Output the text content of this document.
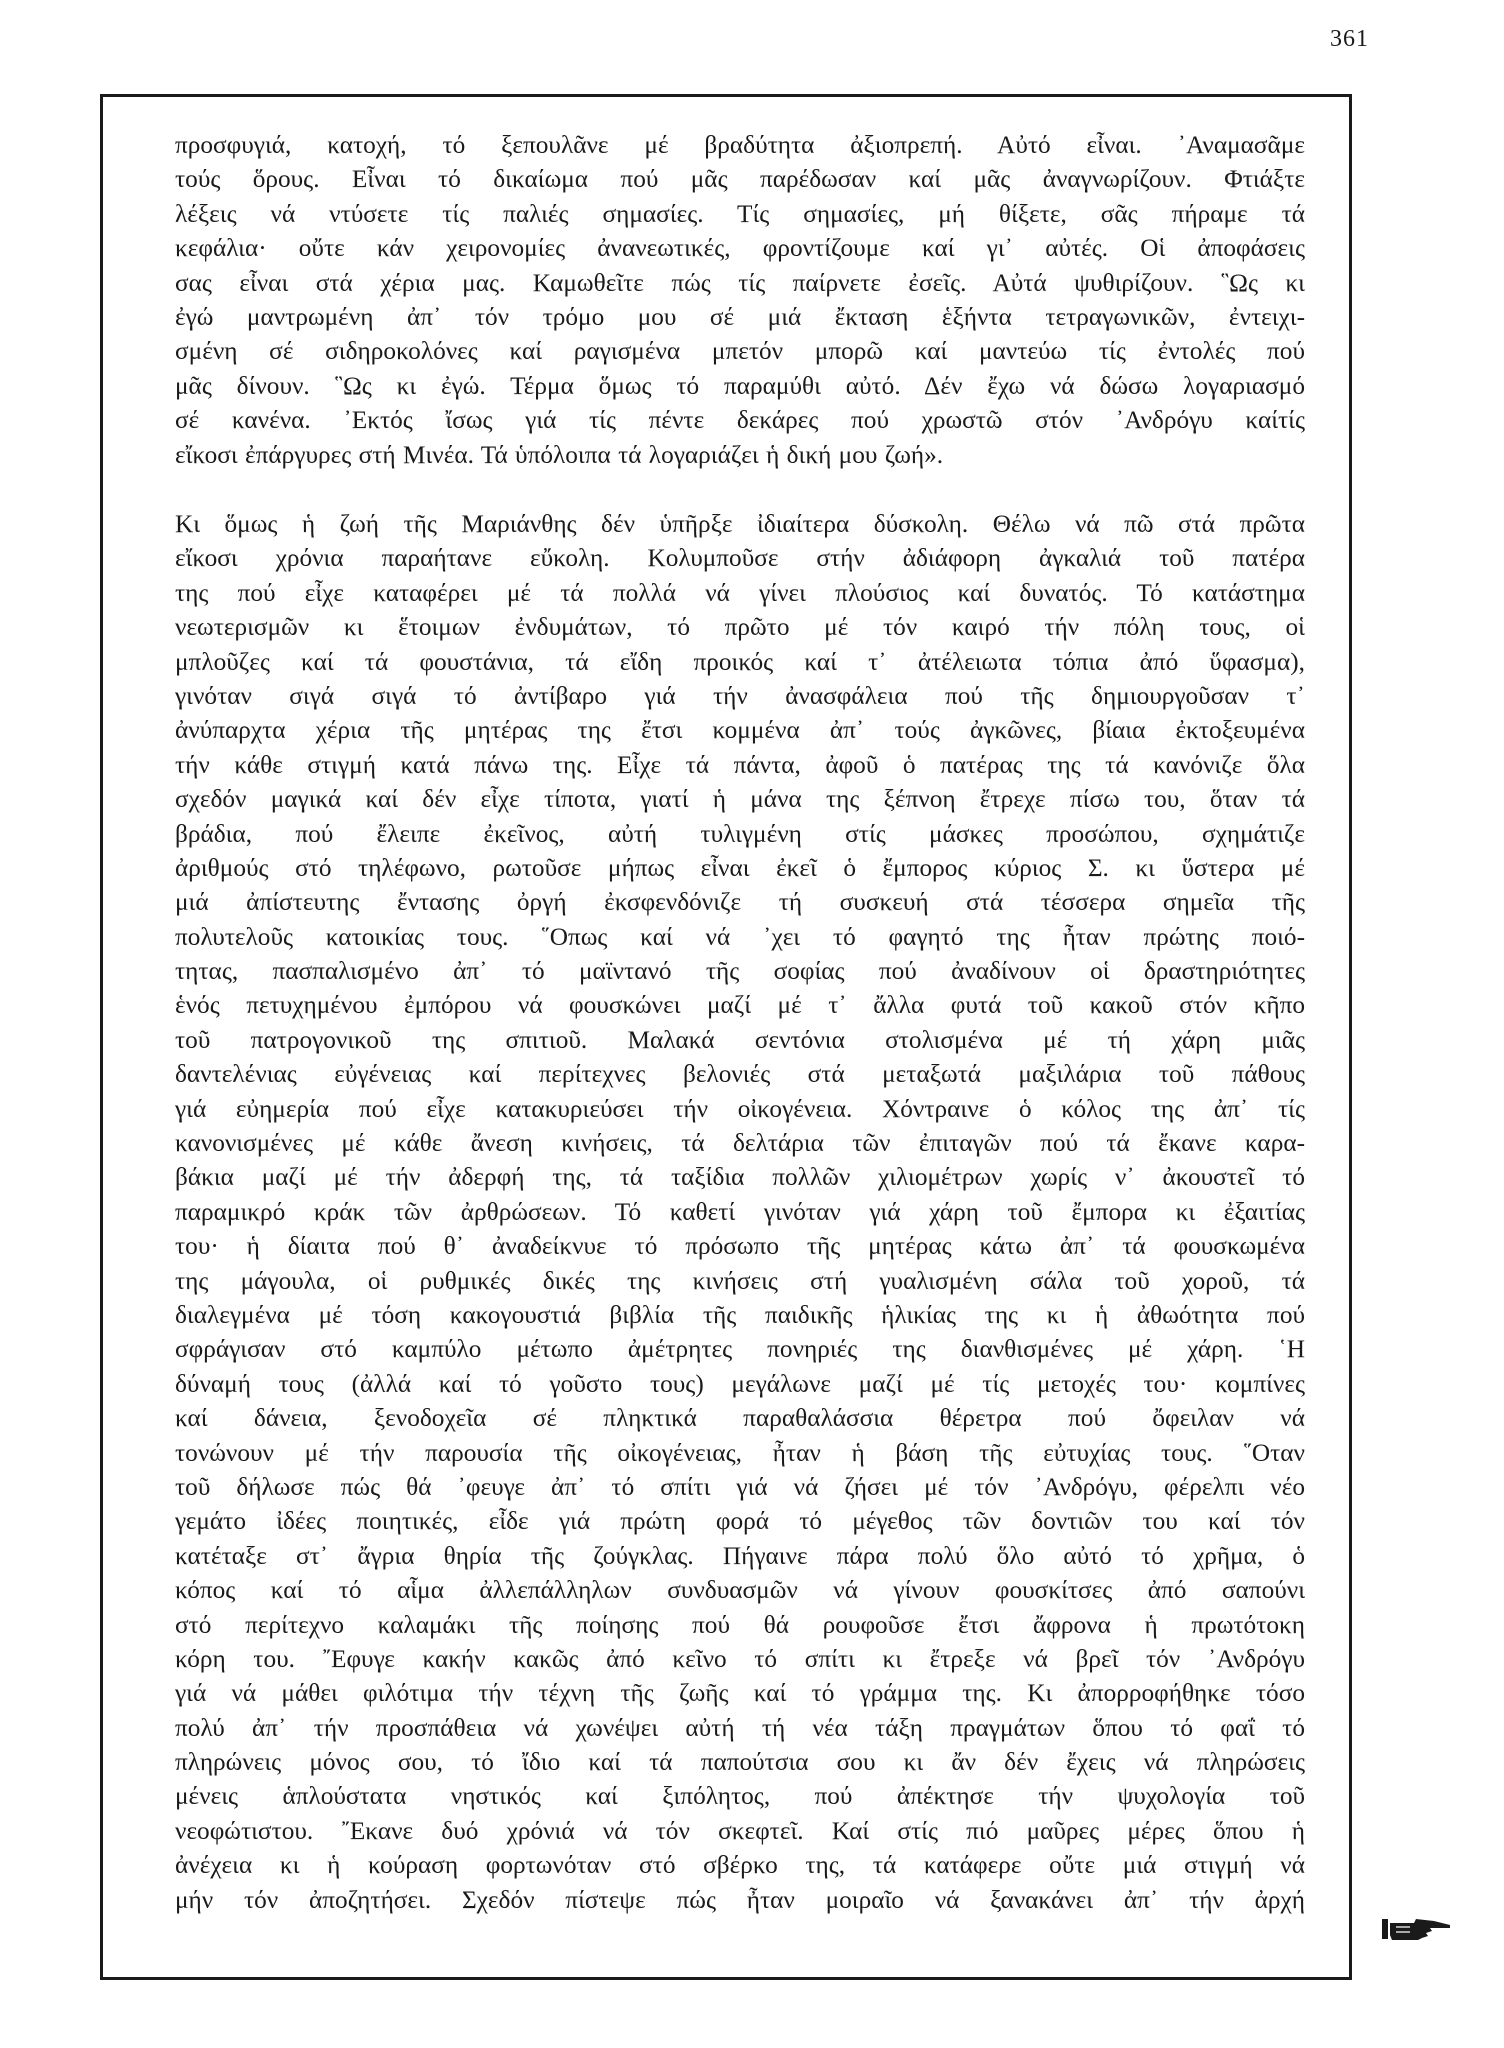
361
προσφυγιά, κατοχή, τό ξεπουλᾶνε μέ βραδύτητα ἀξιοπρεπή. Αὐτό εἶναι. ᾽Αναμασᾶμε
τούς ὅρους. Εἶναι τό δικαίωμα πού μᾶς παρέδωσαν καί μᾶς ἀναγνωρίζουν. Φτιάξτε
λέξεις νά ντύσετε τίς παλιές σημασίες. Τίς σημασίες, μή θίξετε, σᾶς πήραμε τά
κεφάλια· οὔτε κάν χειρονομίες ἀνανεωτικές, φροντίζουμε καί γι᾽ αὐτές. Οἱ ἀποφάσεις
σας εἶναι στά χέρια μας. Καμωθεῖτε πώς τίς παίρνετε ἐσεῖς. Αὐτά ψυθιρίζουν. ῝Ως κι
ἐγώ μαντρωμένη ἀπ᾽ τόν τρόμο μου σέ μιά ἔκταση ἑξήντα τετραγωνικῶν, ἐντειχι-
σμένη σέ σιδηροκολόνες καί ραγισμένα μπετόν μπορῶ καί μαντεύω τίς ἐντολές πού
μᾶς δίνουν. ῝Ως κι ἐγώ. Τέρμα ὅμως τό παραμύθι αὐτό. Δέν ἔχω νά δώσω λογαριασμό
σέ κανένα. ᾽Εκτός ἴσως γιά τίς πέντε δεκάρες πού χρωστῶ στόν ᾽Ανδρόγυ καίτίς
εἴκοσι ἐπάργυρες στή Μινέα. Τά ὑπόλοιπα τά λογαριάζει ἡ δική μου ζωή».
Κι ὅμως ἡ ζωή τῆς Μαριάνθης δέν ὑπῆρξε ἰδιαίτερα δύσκολη. Θέλω νά πῶ στά πρῶτα
εἴκοσι χρόνια παραήτανε εὔκολη. Κολυμποῦσε στήν ἀδιάφορη ἀγκαλιά τοῦ πατέρα
της πού εἶχε καταφέρει μέ τά πολλά νά γίνει πλούσιος καί δυνατός. Τό κατάστημα
νεωτερισμῶν κι ἕτοιμων ἐνδυμάτων, τό πρῶτο μέ τόν καιρό τήν πόλη τους, οἱ
μπλοῦζες καί τά φουστάνια, τά εἴδη προικός καί τ᾽ ἀτέλειωτα τόπια ἀπό ὕφασμα),
γινόταν σιγά σιγά τό ἀντίβαρο γιά τήν ἀνασφάλεια πού τῆς δημιουργοῦσαν τ᾽
ἀνύπαρχτα χέρια τῆς μητέρας της ἔτσι κομμένα ἀπ᾽ τούς ἀγκῶνες, βίαια ἐκτοξευμένα
τήν κάθε στιγμή κατά πάνω της. Εἶχε τά πάντα, ἀφοῦ ὁ πατέρας της τά κανόνιζε ὅλα
σχεδόν μαγικά καί δέν εἶχε τίποτα, γιατί ἡ μάνα της ξέπνοη ἔτρεχε πίσω του, ὅταν τά
βράδια, πού ἔλειπε ἐκεῖνος, αὐτή τυλιγμένη στίς μάσκες προσώπου, σχημάτιζε
ἀριθμούς στό τηλέφωνο, ρωτοῦσε μήπως εἶναι ἐκεῖ ὁ ἔμπορος κύριος Σ. κι ὕστερα μέ
μιά ἀπίστευτης ἔντασης ὀργή ἐκσφενδόνιζε τή συσκευή στά τέσσερα σημεῖα τῆς
πολυτελοῦς κατοικίας τους. ῞Οπως καί νά ᾽χει τό φαγητό της ἦταν πρώτης ποιό-
τητας, πασπαλισμένο ἀπ᾽ τό μαϊντανό τῆς σοφίας πού ἀναδίνουν οἱ δραστηριότητες
ἑνός πετυχημένου ἐμπόρου νά φουσκώνει μαζί μέ τ᾽ ἄλλα φυτά τοῦ κακοῦ στόν κῆπο
τοῦ πατρογονικοῦ της σπιτιοῦ. Μαλακά σεντόνια στολισμένα μέ τή χάρη μιᾶς
δαντελένιας εὐγένειας καί περίτεχνες βελονιές στά μεταξωτά μαξιλάρια τοῦ πάθους
γιά εὐημερία πού εἶχε κατακυριεύσει τήν οἰκογένεια. Χόντραινε ὁ κόλος της ἀπ᾽ τίς
κανονισμένες μέ κάθε ἄνεση κινήσεις, τά δελτάρια τῶν ἐπιταγῶν πού τά ἔκανε καρα-
βάκια μαζί μέ τήν ἀδερφή της, τά ταξίδια πολλῶν χιλιομέτρων χωρίς ν᾽ ἀκουστεῖ τό
παραμικρό κράκ τῶν ἀρθρώσεων. Τό καθετί γινόταν γιά χάρη τοῦ ἔμπορα κι ἐξαιτίας
του· ἡ δίαιτα πού θ᾽ ἀναδείκνυε τό πρόσωπο τῆς μητέρας κάτω ἀπ᾽ τά φουσκωμένα
της μάγουλα, οἱ ρυθμικές δικές της κινήσεις στή γυαλισμένη σάλα τοῦ χοροῦ, τά
διαλεγμένα μέ τόση κακογουστιά βιβλία τῆς παιδικῆς ἡλικίας της κι ἡ ἀθωότητα πού
σφράγισαν στό καμπύλο μέτωπο ἀμέτρητες πονηριές της διανθισμένες μέ χάρη. ῾Η
δύναμή τους (ἀλλά καί τό γοῦστο τους) μεγάλωνε μαζί μέ τίς μετοχές του· κομπίνες
καί δάνεια, ξενοδοχεῖα σέ πληκτικά παραθαλάσσια θέρετρα πού ὄφειλαν νά
τονώνουν μέ τήν παρουσία τῆς οἰκογένειας, ἦταν ἡ βάση τῆς εὐτυχίας τους. ῞Οταν
τοῦ δήλωσε πώς θά ᾽φευγε ἀπ᾽ τό σπίτι γιά νά ζήσει μέ τόν ᾽Ανδρόγυ, φέρελπι νέο
γεμάτο ἰδέες ποιητικές, εἶδε γιά πρώτη φορά τό μέγεθος τῶν δοντιῶν του καί τόν
κατέταξε στ᾽ ἄγρια θηρία τῆς ζούγκλας. Πήγαινε πάρα πολύ ὅλο αὐτό τό χρῆμα, ὁ
κόπος καί τό αἷμα ἀλλεπάλληλων συνδυασμῶν νά γίνουν φουσκίτσες ἀπό σαπούνι
στό περίτεχνο καλαμάκι τῆς ποίησης πού θά ρουφοῦσε ἔτσι ἄφρονα ἡ πρωτότοκη
κόρη του. ῎Εφυγε κακήν κακῶς ἀπό κεῖνο τό σπίτι κι ἔτρεξε νά βρεῖ τόν ᾽Ανδρόγυ
γιά νά μάθει φιλότιμα τήν τέχνη τῆς ζωῆς καί τό γράμμα της. Κι ἀπορροφήθηκε τόσο
πολύ ἀπ᾽ τήν προσπάθεια νά χωνέψει αὐτή τή νέα τάξη πραγμάτων ὅπου τό φαΐ τό
πληρώνεις μόνος σου, τό ἴδιο καί τά παπούτσια σου κι ἄν δέν ἔχεις νά πληρώσεις
μένεις ἁπλούστατα νηστικός καί ξιπόλητος, πού ἀπέκτησε τήν ψυχολογία τοῦ
νεοφώτιστου. ῎Εκανε δυό χρόνιά νά τόν σκεφτεῖ. Καί στίς πιό μαῦρες μέρες ὅπου ἡ
ἀνέχεια κι ἡ κούραση φορτωνόταν στό σβέρκο της, τά κατάφερε οὔτε μιά στιγμή νά
μήν τόν ἀποζητήσει. Σχεδόν πίστεψε πώς ἦταν μοιραῖο νά ξανακάνει ἀπ᾽ τήν ἀρχή
